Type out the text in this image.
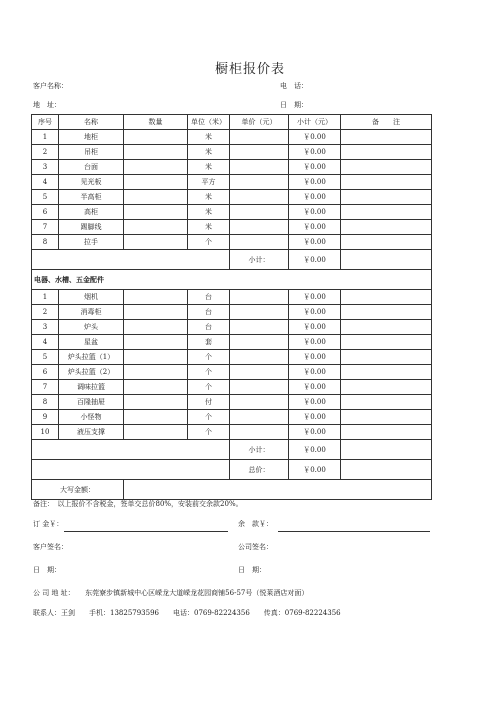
橱柜报价表
客户名称：	电　话：
地　址：	日　期：
序号	名称	数量	单位（米）	单价（元）	小计（元）	备　　注
1	地柜		米		￥0.00	
2	吊柜		米		￥0.00	
3	台面		米		￥0.00	
4	见光板		平方		￥0.00	
5	半高柜		米		￥0.00	
6	高柜		米		￥0.00	
7	踢脚线		米		￥0.00	
8	拉手		个		￥0.00	
				小计：	￥0.00	
电器、水槽、五金配件						
1	烟机		台		￥0.00	
2	消毒柜		台		￥0.00	
3	炉头		台		￥0.00	
4	星盆		套		￥0.00	
5	炉头拉篮（1）		个		￥0.00	
6	炉头拉篮（2）		个		￥0.00	
7	调味拉篮		个		￥0.00	
8	百隆抽屉		付		￥0.00	
9	小怪物		个		￥0.00	
10	液压支撑		个		￥0.00	
				小计：	￥0.00	
				总价：	￥0.00	
大写金额：						
备注：　以上报价不含税金，签单交总价80%，安装前交余款20%。
订 金￥：	余　款￥：
客户签名：	公司签名：
日　期：	日　期：
公 司 地 址：　　东莞寮步镇新城中心区嵘龙大道嵘龙花园商铺56-57号（悦莱酒店对面）
联系人：王剑　　手机：13825793596　　电话：0769-82224356　　传真：0769-82224356
